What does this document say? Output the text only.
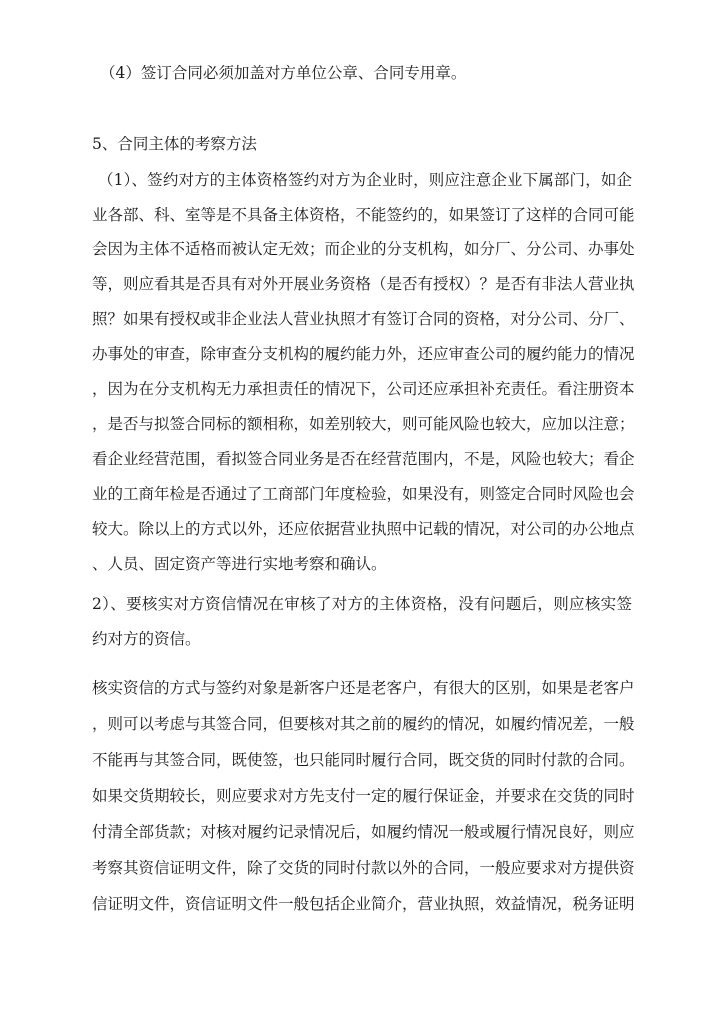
（4）签订合同必须加盖对方单位公章、合同专用章。
5、合同主体的考察方法
（1）、签约对方的主体资格签约对方为企业时，则应注意企业下属部门，如企
业各部、科、室等是不具备主体资格，不能签约的，如果签订了这样的合同可能
会因为主体不适格而被认定无效；而企业的分支机构，如分厂、分公司、办事处
等，则应看其是否具有对外开展业务资格（是否有授权）？是否有非法人营业执
照？如果有授权或非企业法人营业执照才有签订合同的资格，对分公司、分厂、
办事处的审查，除审查分支机构的履约能力外，还应审查公司的履约能力的情况
，因为在分支机构无力承担责任的情况下，公司还应承担补充责任。看注册资本
，是否与拟签合同标的额相称，如差别较大，则可能风险也较大，应加以注意；
看企业经营范围，看拟签合同业务是否在经营范围内，不是，风险也较大；看企
业的工商年检是否通过了工商部门年度检验，如果没有，则签定合同时风险也会
较大。除以上的方式以外，还应依据营业执照中记载的情况，对公司的办公地点
、人员、固定资产等进行实地考察和确认。
2）、要核实对方资信情况在审核了对方的主体资格，没有问题后，则应核实签
约对方的资信。
核实资信的方式与签约对象是新客户还是老客户，有很大的区别，如果是老客户
，则可以考虑与其签合同，但要核对其之前的履约的情况，如履约情况差，一般
不能再与其签合同，既使签，也只能同时履行合同，既交货的同时付款的合同。
如果交货期较长，则应要求对方先支付一定的履行保证金，并要求在交货的同时
付清全部货款；对核对履约记录情况后，如履约情况一般或履行情况良好，则应
考察其资信证明文件，除了交货的同时付款以外的合同，一般应要求对方提供资
信证明文件，资信证明文件一般包括企业简介，营业执照，效益情况，税务证明
